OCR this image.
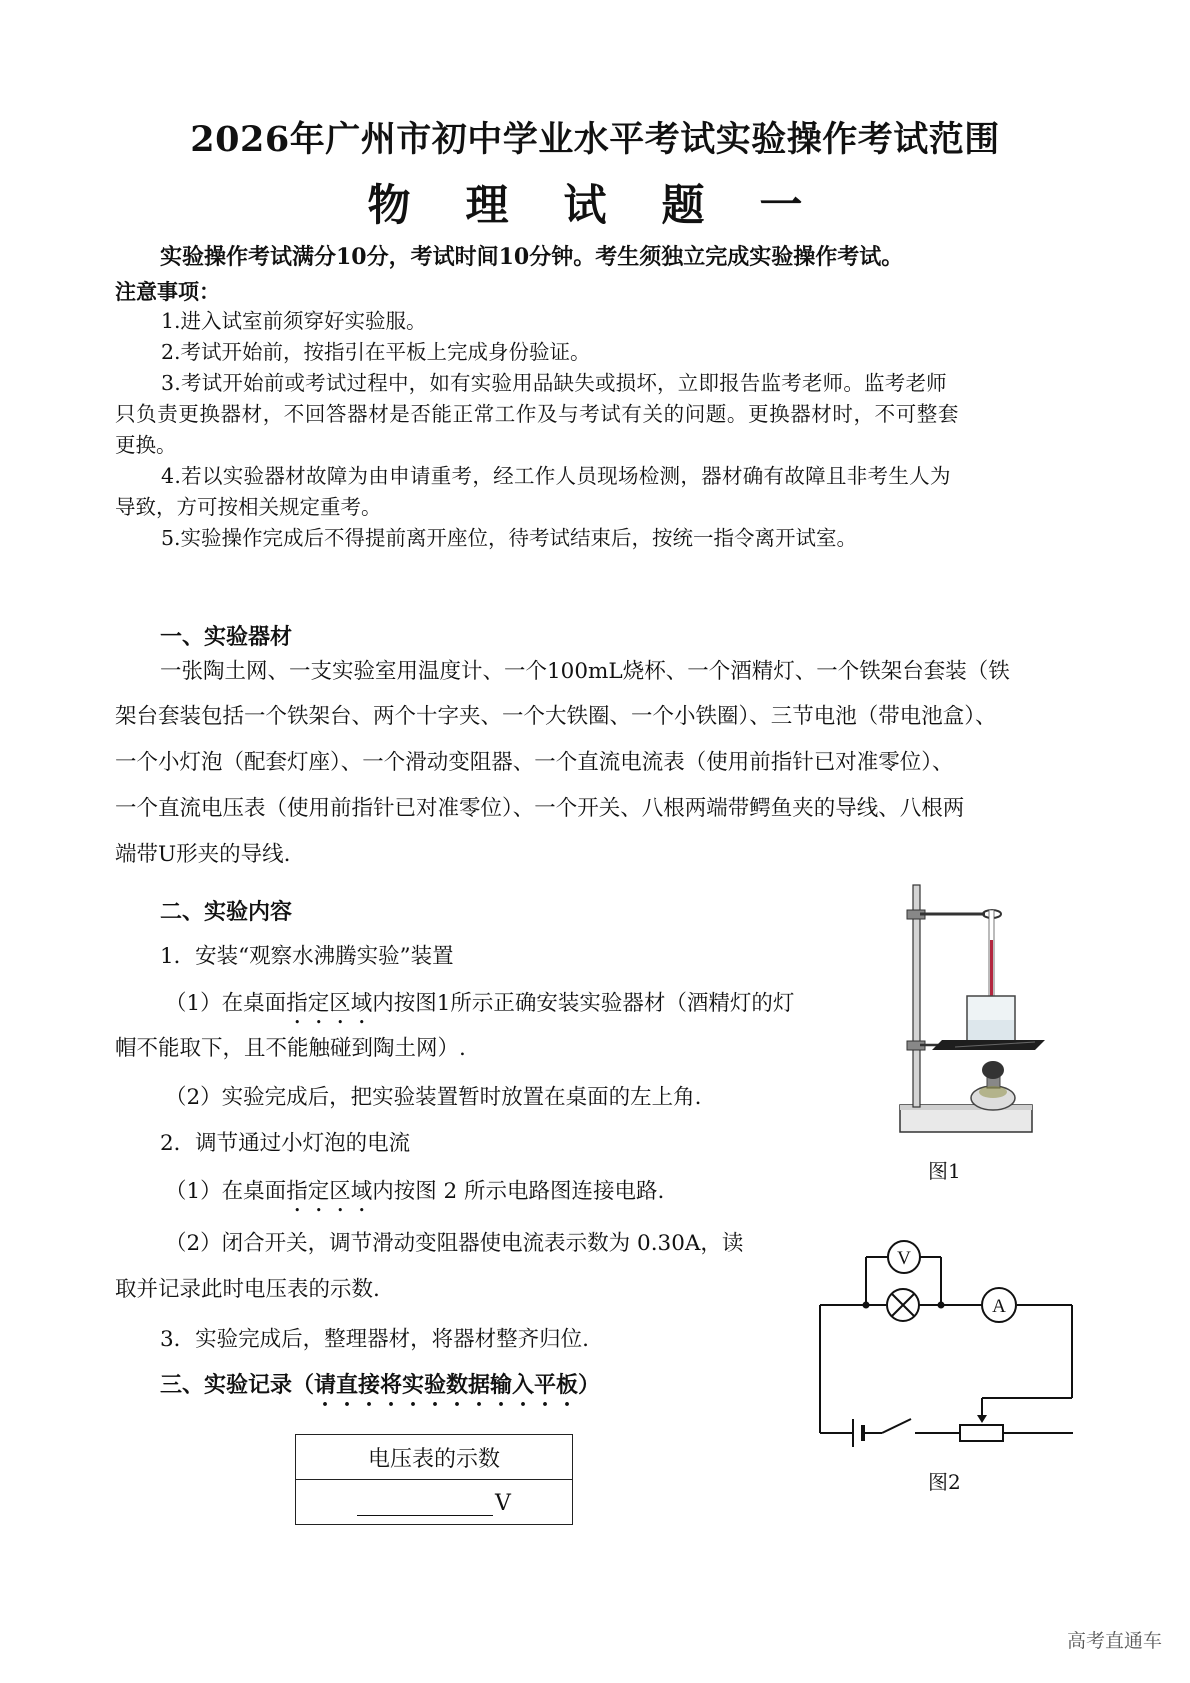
2026年广州市初中学业水平考试实验操作考试范围
物 理 试 题 一
实验操作考试满分10分，考试时间10分钟。考生须独立完成实验操作考试。
注意事项：
1.进入试室前须穿好实验服。
2.考试开始前，按指引在平板上完成身份验证。
3.考试开始前或考试过程中，如有实验用品缺失或损坏，立即报告监考老师。监考老师
只负责更换器材，不回答器材是否能正常工作及与考试有关的问题。更换器材时，不可整套
更换。
4.若以实验器材故障为由申请重考，经工作人员现场检测，器材确有故障且非考生人为
导致，方可按相关规定重考。
5.实验操作完成后不得提前离开座位，待考试结束后，按统一指令离开试室。
一、实验器材
一张陶土网、一支实验室用温度计、一个100mL烧杯、一个酒精灯、一个铁架台套装（铁
架台套装包括一个铁架台、两个十字夹、一个大铁圈、一个小铁圈）、三节电池（带电池盒）、
一个小灯泡（配套灯座）、一个滑动变阻器、一个直流电流表（使用前指针已对准零位）、
一个直流电压表（使用前指针已对准零位）、一个开关、八根两端带鳄鱼夹的导线、八根两
端带U形夹的导线.
二、实验内容
1．安装“观察水沸腾实验”装置
（1）在桌面指定区域内按图1所示正确安装实验器材（酒精灯的灯
帽不能取下，且不能触碰到陶土网）.
（2）实验完成后，把实验装置暂时放置在桌面的左上角.
2．调节通过小灯泡的电流
（1）在桌面指定区域内按图 2 所示电路图连接电路.
（2）闭合开关，调节滑动变阻器使电流表示数为 0.30A，读
取并记录此时电压表的示数.
3．实验完成后，整理器材，将器材整齐归位.
三、实验记录（请直接将实验数据输入平板）
电压表的示数
V
图1
V
A
图2
高考直通车
